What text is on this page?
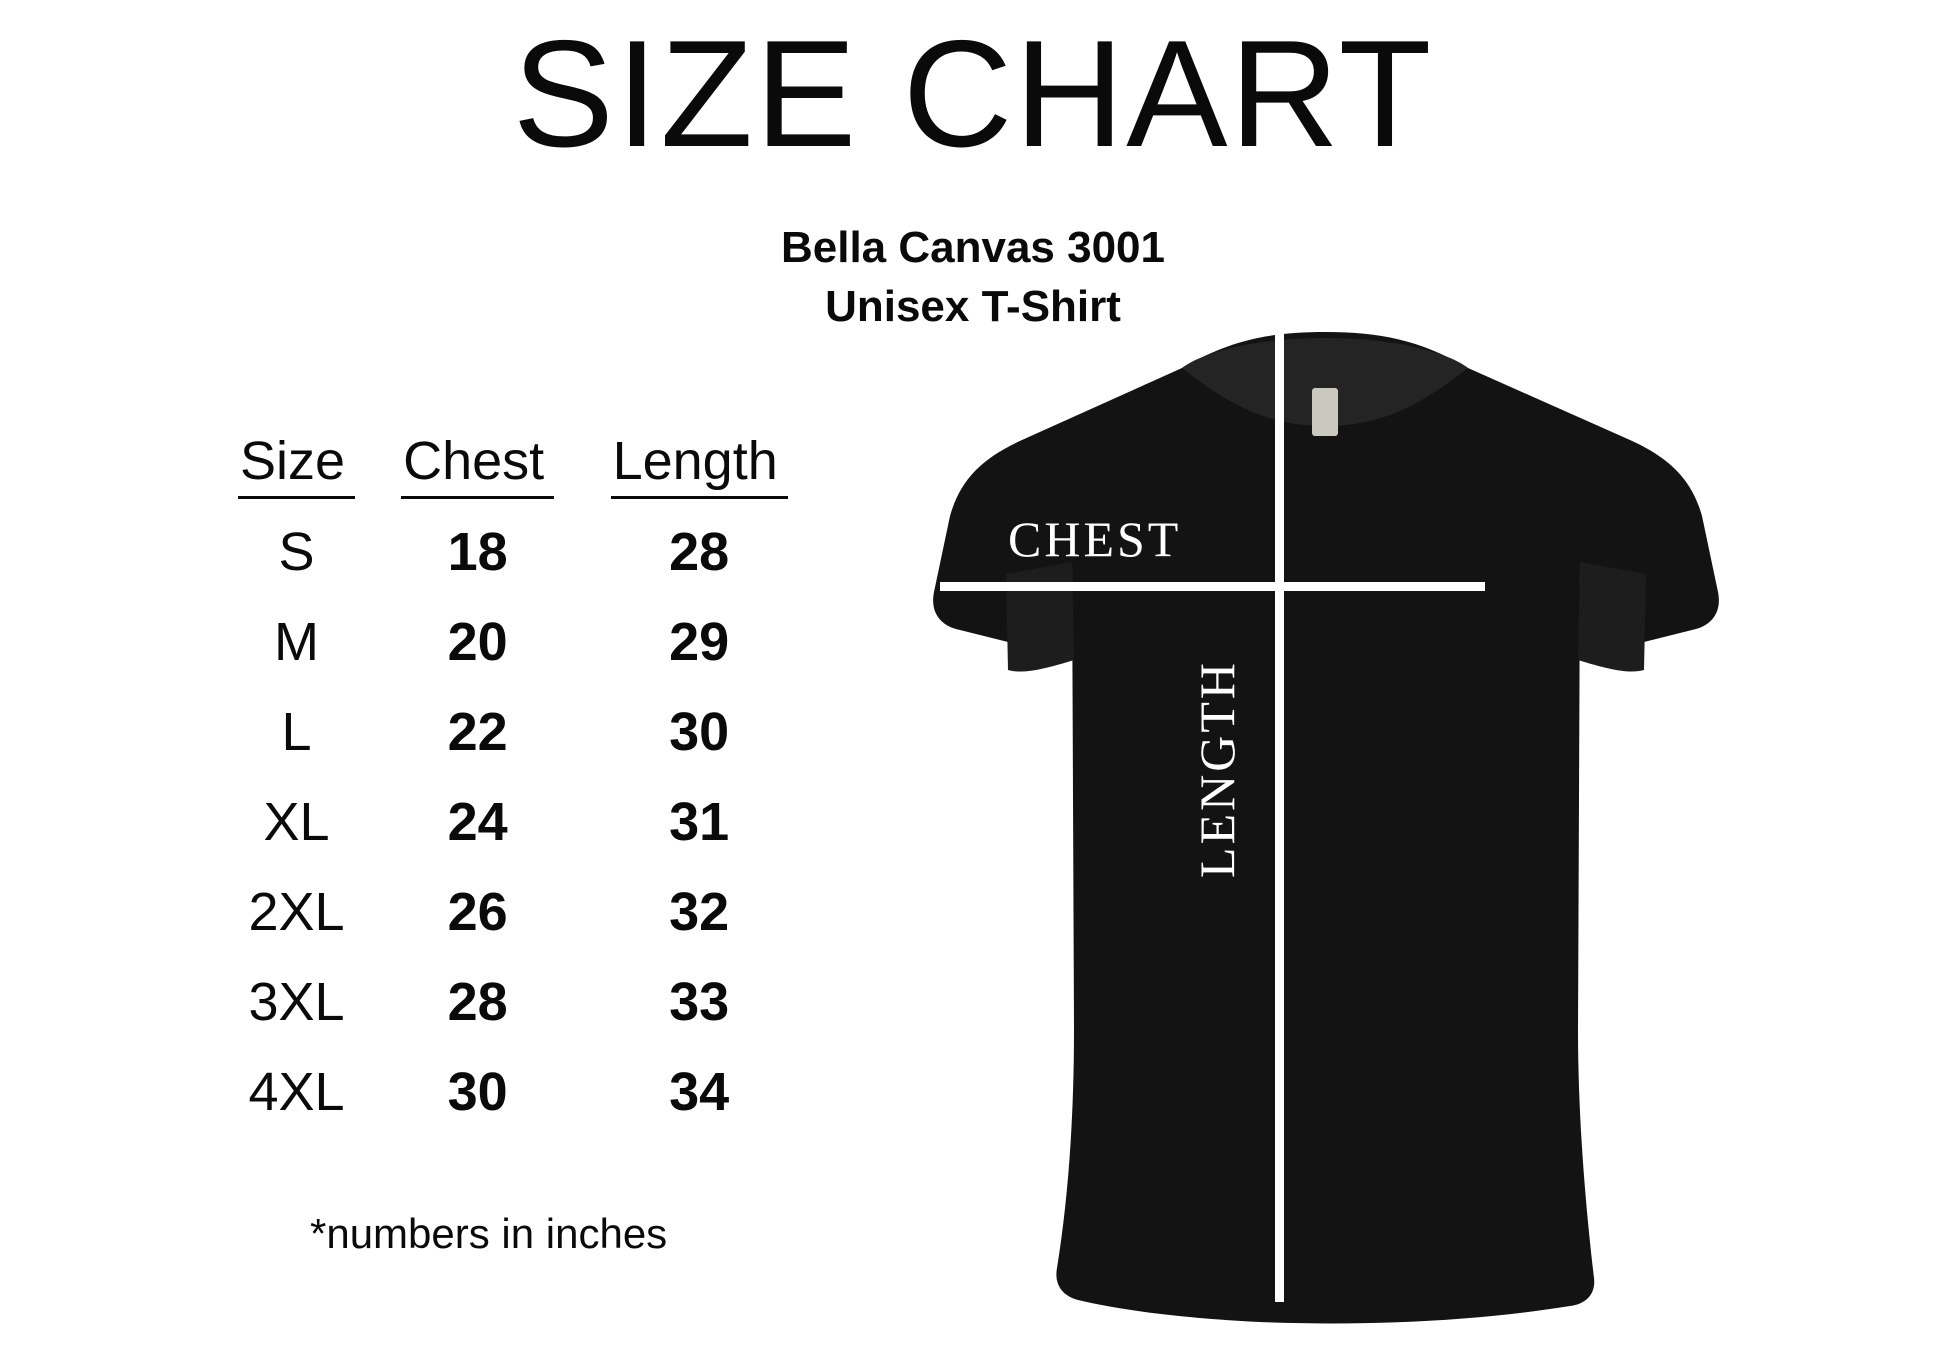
SIZE CHART
Bella Canvas 3001
Unisex T-Shirt
Size	Chest	Length
S	18	28
M	20	29
L	22	30
XL	24	31
2XL	26	32
3XL	28	33
4XL	30	34
*numbers in inches
CHEST
LENGTH
